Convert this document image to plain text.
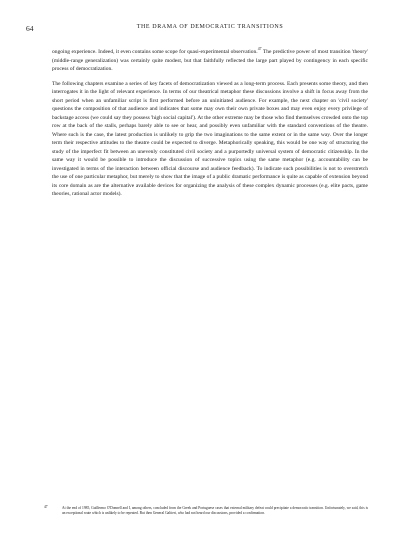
64	THE DRAMA OF DEMOCRATIC TRANSITIONS

ongoing experience. Indeed, it even contains some scope for quasi-experimental observation.$^{47}$ The predictive power of most transition 'theory' (middle-range generalization) was certainly quite modest, but that faithfully reflected the large part played by contingency in each specific process of democratization.

The following chapters examine a series of key facets of democratization viewed as a long-term process. Each presents some theory, and then interrogates it in the light of relevant experience. In terms of our theatrical metaphor these discussions involve a shift in focus away from the short period when an unfamiliar script is first performed before an uninitiated audience. For example, the next chapter on 'civil society' questions the composition of that audience and indicates that some may own their own private boxes and may even enjoy every privilege of backstage access (we could say they possess 'high social capital'). At the other extreme may be those who find themselves crowded onto the top row at the back of the stalls, perhaps barely able to see or hear, and possibly even unfamiliar with the standard conventions of the theatre. Where such is the case, the latest production is unlikely to grip the two imaginations to the same extent or in the same way. Over the longer term their respective attitudes to the theatre could be expected to diverge. Metaphorically speaking, this would be one way of structuring the study of the imperfect fit between an unevenly constituted civil society and a purportedly universal system of democratic citizenship. In the same way it would be possible to introduce the discussion of successive topics using the same metaphor (e.g. accountability can be investigated in terms of the interaction between official discourse and audience feedback). To indicate such possibilities is not to overstretch the use of one particular metaphor, but merely to show that the image of a public dramatic performance is quite as capable of extension beyond its core domain as are the alternative available devices for organizing the analysis of these complex dynamic processes (e.g. elite pacts, game theories, rational actor models).

47	At the end of 1985, Guillermo O'Donnell and I, among others, concluded from the Greek and Portuguese cases that external military defeat could precipitate a democratic transition. Unfortunately, we said, this is an exceptional route which is unlikely to be repeated. But then General Galtieri, who had not heard our discussions, provided a confirmation.
